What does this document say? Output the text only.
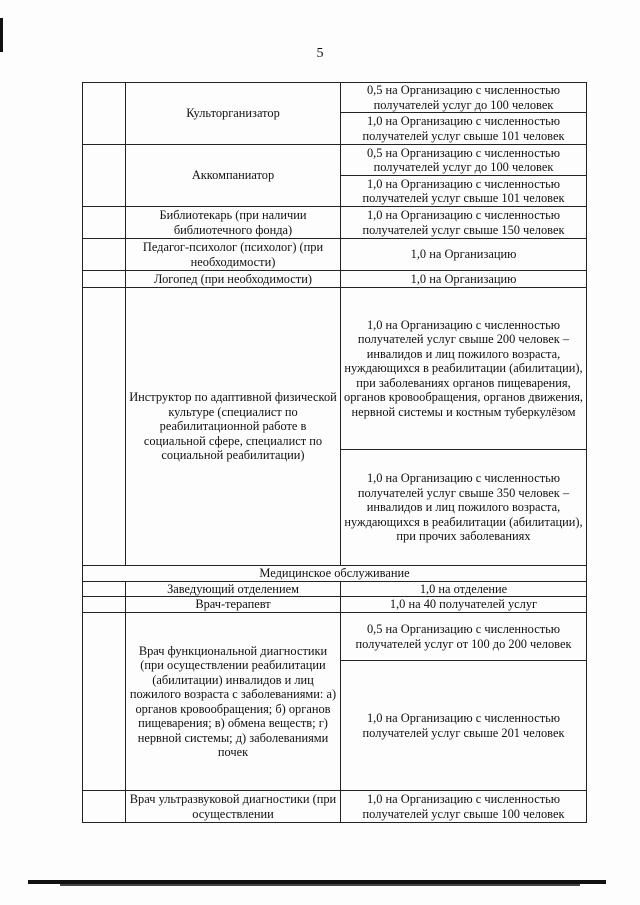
5
	Культорганизатор	0,5 на Организацию с численностью получателей услуг до 100 человек
		1,0 на Организацию с численностью получателей услуг свыше 101 человек
	Аккомпаниатор	0,5 на Организацию с численностью получателей услуг до 100 человек
		1,0 на Организацию с численностью получателей услуг свыше 101 человек
	Библиотекарь (при наличии библиотечного фонда)	1,0 на Организацию с численностью получателей услуг свыше 150 человек
	Педагог-психолог (психолог) (при необходимости)	1,0 на Организацию
	Логопед (при необходимости)	1,0 на Организацию
	Инструктор по адаптивной физической культуре (специалист по реабилитационной работе в социальной сфере, специалист по социальной реабилитации)	1,0 на Организацию с численностью получателей услуг свыше 200 человек – инвалидов и лиц пожилого возраста, нуждающихся в реабилитации (абилитации), при заболеваниях органов пищеварения, органов кровообращения, органов движения, нервной системы и костным туберкулёзом
		1,0 на Организацию с численностью получателей услуг свыше 350 человек – инвалидов и лиц пожилого возраста, нуждающихся в реабилитации (абилитации), при прочих заболеваниях
Медицинское обслуживание		
	Заведующий отделением	1,0 на отделение
	Врач-терапевт	1,0 на 40 получателей услуг
	Врач функциональной диагностики (при осуществлении реабилитации (абилитации) инвалидов и лиц пожилого возраста с заболеваниями: а) органов кровообращения; б) органов пищеварения; в) обмена веществ; г) нервной системы; д) заболеваниями почек	0,5 на Организацию с численностью получателей услуг от 100 до 200 человек
		1,0 на Организацию с численностью получателей услуг свыше 201 человек
	Врач ультразвуковой диагностики (при осуществлении	1,0 на Организацию с численностью получателей услуг свыше 100 человек
